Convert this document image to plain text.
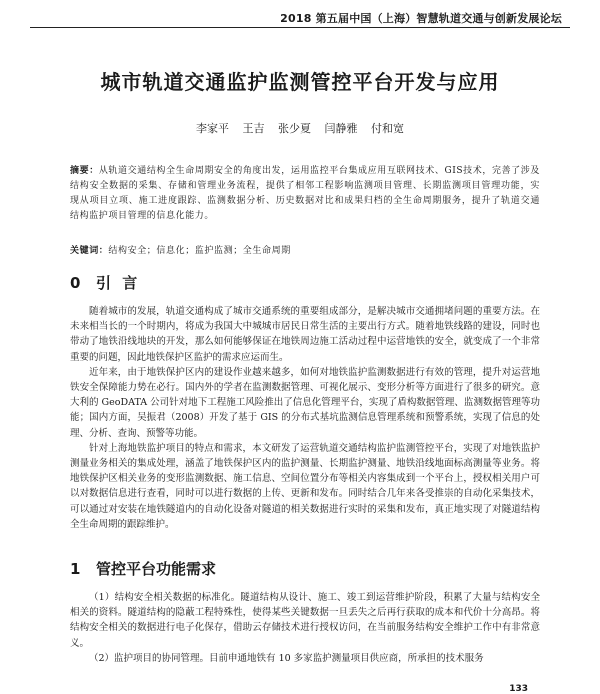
2018 第五届中国（上海）智慧轨道交通与创新发展论坛
城市轨道交通监护监测管控平台开发与应用
李家平 王吉 张少夏 闫静雅 付和宽
摘要：从轨道交通结构全生命周期安全的角度出发，运用监控平台集成应用互联网技术、GIS技术，完善了涉及结构安全数据的采集、存储和管理业务流程，提供了相邻工程影响监测项目管理、长期监测项目管理功能，实现从项目立项、施工进度跟踪、监测数据分析、历史数据对比和成果归档的全生命周期服务，提升了轨道交通结构监护项目管理的信息化能力。
关键词：结构安全；信息化；监护监测；全生命周期
0 引 言

随着城市的发展，轨道交通构成了城市交通系统的重要组成部分，是解决城市交通拥堵问题的重要方法。在未来相当长的一个时期内，将成为我国大中城城市居民日常生活的主要出行方式。随着地铁线路的建设，同时也带动了地铁沿线地块的开发，那么如何能够保证在地铁周边施工活动过程中运营地铁的安全，就变成了一个非常重要的问题，因此地铁保护区监护的需求应运而生。

近年来，由于地铁保护区内的建设作业越来越多，如何对地铁监护监测数据进行有效的管理，提升对运营地铁安全保障能力势在必行。国内外的学者在监测数据管理、可视化展示、变形分析等方面进行了很多的研究。意大利的 GeoDATA 公司针对地下工程施工风险推出了信息化管理平台，实现了盾构数据管理、监测数据管理等功能；国内方面，吴振君（2008）开发了基于 GIS 的分布式基坑监测信息管理系统和预警系统，实现了信息的处理、分析、查询、预警等功能。

针对上海地铁监护项目的特点和需求，本文研发了运营轨道交通结构监护监测管控平台，实现了对地铁监护测量业务相关的集成处理，涵盖了地铁保护区内的监护测量、长期监护测量、地铁沿线地面标高测量等业务。将地铁保护区相关业务的变形监测数据、施工信息、空间位置分布等相关内容集成到一个平台上，授权相关用户可以对数据信息进行查看，同时可以进行数据的上传、更新和发布。同时结合几年来各受推崇的自动化采集技术，可以通过对安装在地铁隧道内的自动化设备对隧道的相关数据进行实时的采集和发布，真正地实现了对隧道结构全生命周期的跟踪维护。

1 管控平台功能需求

（1）结构安全相关数据的标准化。隧道结构从设计、施工、竣工到运营维护阶段，积累了大量与结构安全相关的资料。隧道结构的隐蔽工程特殊性，使得某些关键数据一旦丢失之后再行获取的成本和代价十分高昂。将结构安全相关的数据进行电子化保存，借助云存储技术进行授权访问，在当前服务结构安全维护工作中有非常意义。

（2）监护项目的协同管理。目前申通地铁有 10 多家监护测量项目供应商，所承担的技术服务

133
